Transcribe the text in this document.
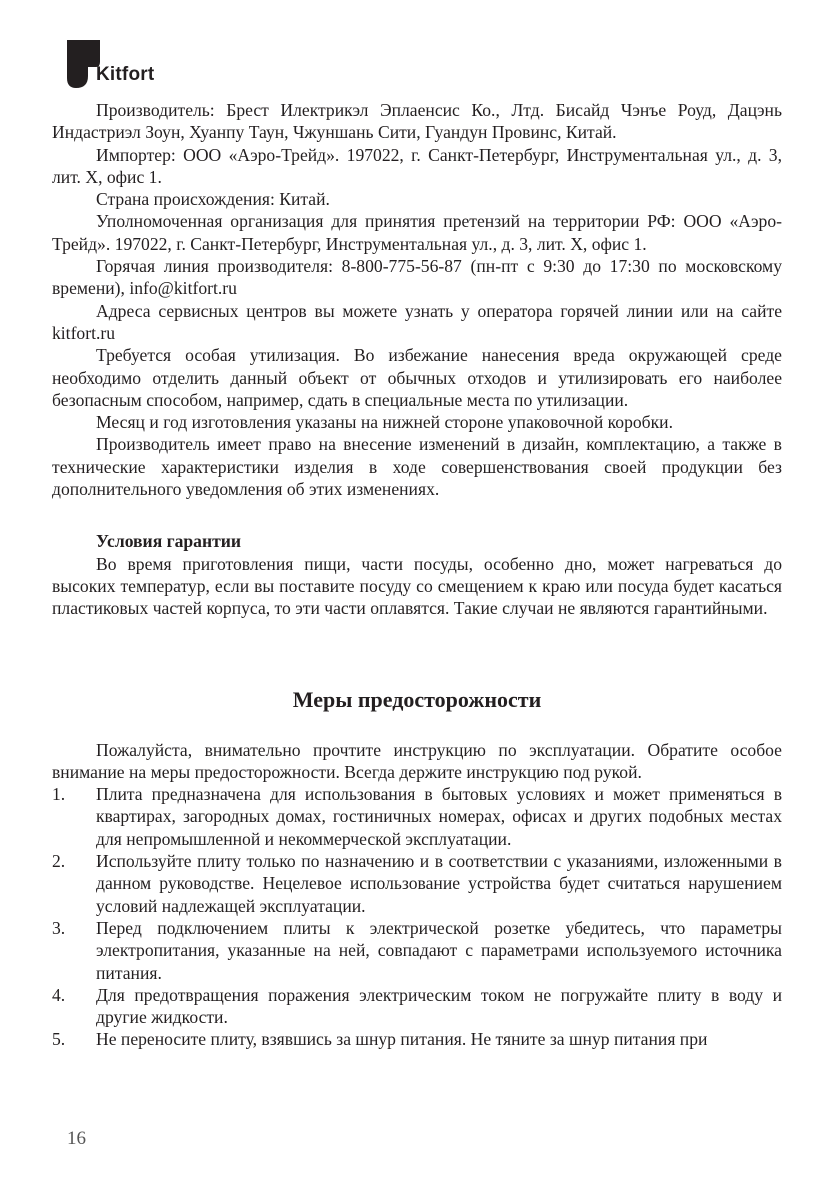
Kitfort

Производитель: Брест Илектрикэл Эплаенсис Ко., Лтд. Бисайд Чэнъе Роуд, Дацэнь Индастриэл Зоун, Хуанпу Таун, Чжуншань Сити, Гуандун Провинс, Китай.

Импортер: ООО «Аэро-Трейд». 197022, г. Санкт-Петербург, Инструментальная ул., д. 3, лит. Х, офис 1.

Страна происхождения: Китай.

Уполномоченная организация для принятия претензий на территории РФ: ООО «Аэро-Трейд». 197022, г. Санкт-Петербург, Инструментальная ул., д. 3, лит. Х, офис 1.

Горячая линия производителя: 8-800-775-56-87 (пн-пт с 9:30 до 17:30 по московскому времени), info@kitfort.ru

Адреса сервисных центров вы можете узнать у оператора горячей линии или на сайте kitfort.ru

Требуется особая утилизация. Во избежание нанесения вреда окружающей среде необходимо отделить данный объект от обычных отходов и утилизировать его наиболее безопасным способом, например, сдать в специальные места по утилизации.

Месяц и год изготовления указаны на нижней стороне упаковочной коробки.

Производитель имеет право на внесение изменений в дизайн, комплектацию, а также в технические характеристики изделия в ходе совершенствования своей продукции без дополнительного уведомления об этих изменениях.

Условия гарантии

Во время приготовления пищи, части посуды, особенно дно, может нагреваться до высоких температур, если вы поставите посуду со смещением к краю или посуда будет касаться пластиковых частей корпуса, то эти части оплавятся. Такие случаи не являются гарантийными.

Меры предосторожности

Пожалуйста, внимательно прочтите инструкцию по эксплуатации. Обратите особое внимание на меры предосторожности. Всегда держите инструкцию под рукой.

1. Плита предназначена для использования в бытовых условиях и может применяться в квартирах, загородных домах, гостиничных номерах, офисах и других подобных местах для непромышленной и некоммерческой эксплуатации.
2. Используйте плиту только по назначению и в соответствии с указаниями, изложенными в данном руководстве. Нецелевое использование устройства будет считаться нарушением условий надлежащей эксплуатации.
3. Перед подключением плиты к электрической розетке убедитесь, что параметры электропитания, указанные на ней, совпадают с параметрами используемого источника питания.
4. Для предотвращения поражения электрическим током не погружайте плиту в воду и другие жидкости.
5. Не переносите плиту, взявшись за шнур питания. Не тяните за шнур питания при
16
